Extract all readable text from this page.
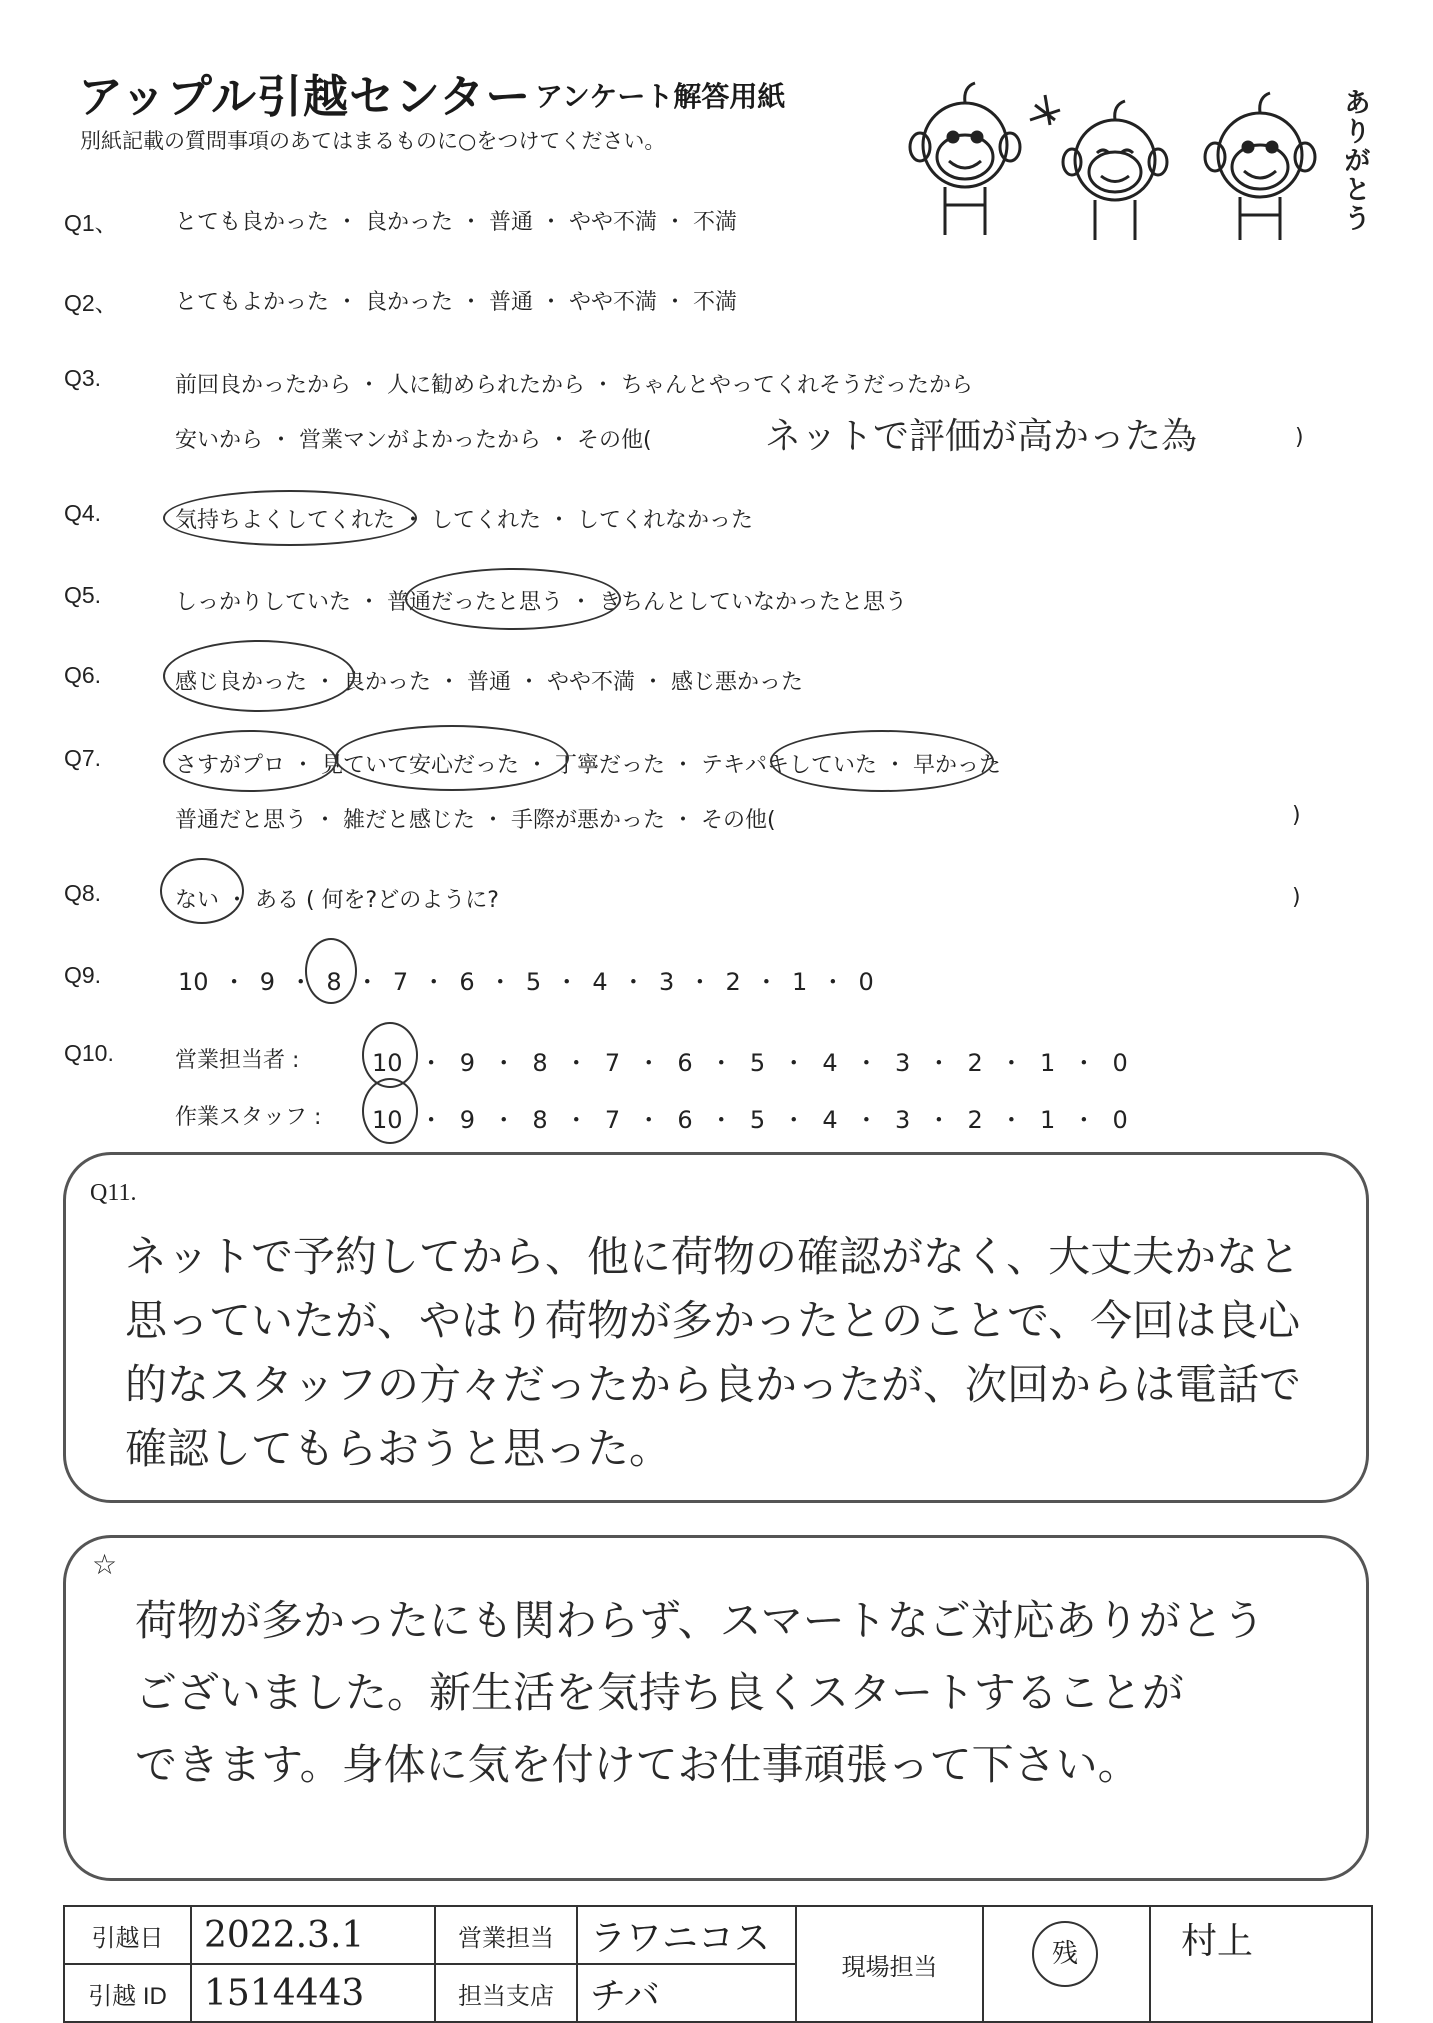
アップル引越センター アンケート解答用紙
別紙記載の質問事項のあてはまるものに○をつけてください。	ありがとう
Q1、	とても良かった ・ 良かった ・ 普通 ・ やや不満 ・ 不満
Q2、	とてもよかった ・ 良かった ・ 普通 ・ やや不満 ・ 不満
Q3.	前回良かったから ・ 人に勧められたから ・ ちゃんとやってくれそうだったから
安いから ・ 営業マンがよかったから ・ その他(	ネットで評価が高かった為	)
Q4.	気持ちよくしてくれた ・ してくれた ・ してくれなかった
Q5.	しっかりしていた ・ 普通だったと思う ・ きちんとしていなかったと思う
Q6.	感じ良かった ・ 良かった ・ 普通 ・ やや不満 ・ 感じ悪かった
Q7.	さすがプロ ・ 見ていて安心だった ・ 丁寧だった ・ テキパキしていた ・ 早かった
普通だと思う ・ 雑だと感じた ・ 手際が悪かった ・ その他(	)
Q8.	ない ・ ある ( 何を?どのように?	)
Q9.	10 ・ 9 ・ 8 ・ 7 ・ 6 ・ 5 ・ 4 ・ 3 ・ 2 ・ 1 ・ 0
Q10.	営業担当者 :	10 ・ 9 ・ 8 ・ 7 ・ 6 ・ 5 ・ 4 ・ 3 ・ 2 ・ 1 ・ 0
作業スタッフ : 10 ・ 9 ・ 8 ・ 7 ・ 6 ・ 5 ・ 4 ・ 3 ・ 2 ・ 1 ・ 0
Q11.
ネットで予約してから、他に荷物の確認がなく、大丈夫かなと
思っていたが、やはり荷物が多かったとのことで、今回は良心
的なスタッフの方々だったから良かったが、次回からは電話で
確認してもらおうと思った。
☆
荷物が多かったにも関わらず、スマートなご対応ありがとう
ございました。新生活を気持ち良くスタートすることが
できます。身体に気を付けてお仕事頑張って下さい。
引越日	2022.3.1	営業担当	ラワニコス	現場担当	残	村上
引越 ID	1514443	担当支店	チバ			
